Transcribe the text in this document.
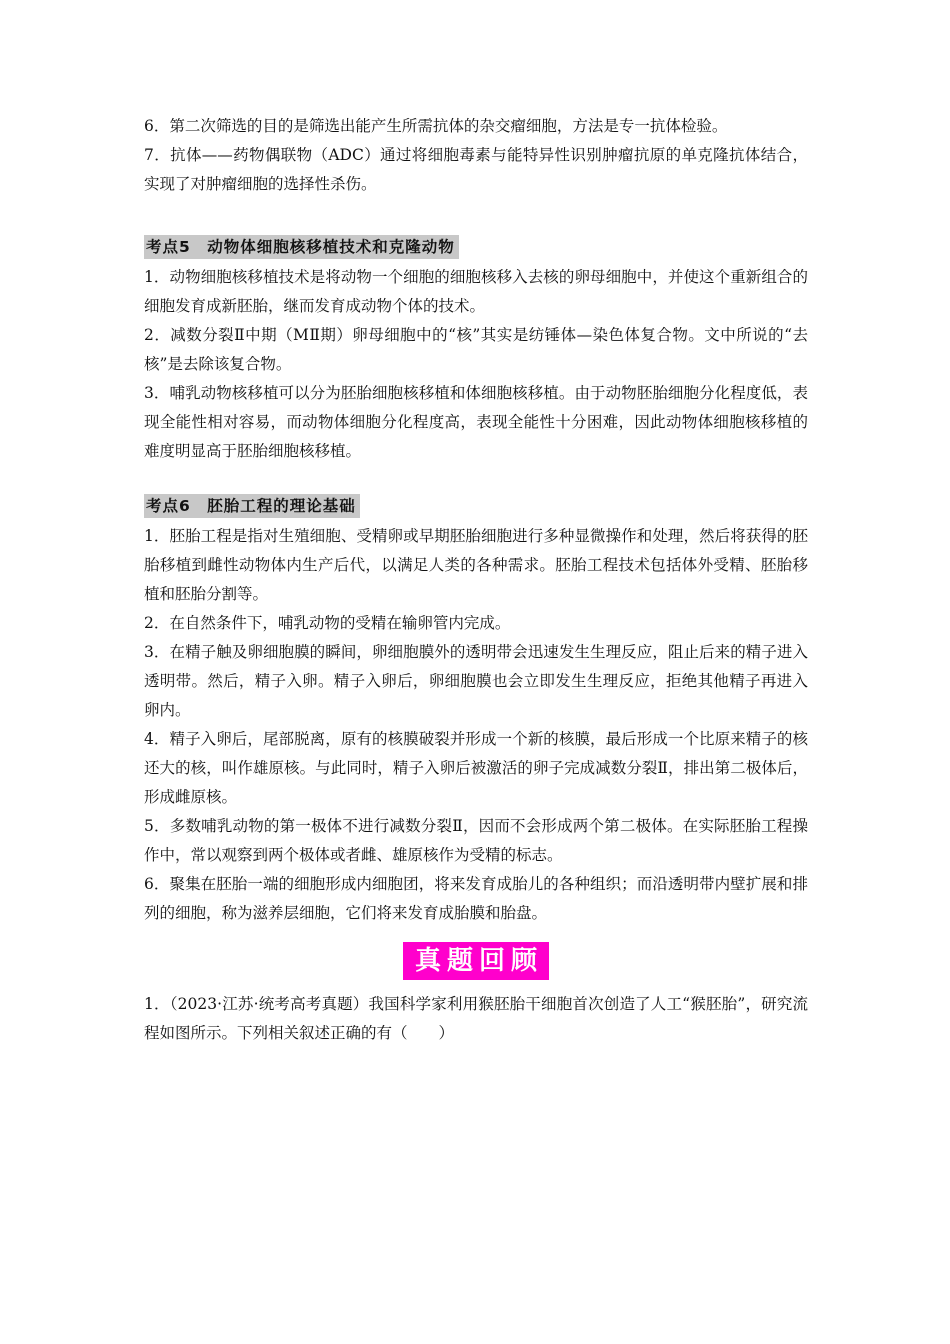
6．第二次筛选的目的是筛选出能产生所需抗体的杂交瘤细胞，方法是专一抗体检验。

7．抗体——药物偶联物（ADC）通过将细胞毒素与能特异性识别肿瘤抗原的单克隆抗体结合，实现了对肿瘤细胞的选择性杀伤。

考点5　动物体细胞核移植技术和克隆动物

1．动物细胞核移植技术是将动物一个细胞的细胞核移入去核的卵母细胞中，并使这个重新组合的细胞发育成新胚胎，继而发育成动物个体的技术。

2．减数分裂Ⅱ中期（MⅡ期）卵母细胞中的“核”其实是纺锤体—染色体复合物。文中所说的“去核”是去除该复合物。

3．哺乳动物核移植可以分为胚胎细胞核移植和体细胞核移植。由于动物胚胎细胞分化程度低，表现全能性相对容易，而动物体细胞分化程度高，表现全能性十分困难，因此动物体细胞核移植的难度明显高于胚胎细胞核移植。

考点6　胚胎工程的理论基础

1．胚胎工程是指对生殖细胞、受精卵或早期胚胎细胞进行多种显微操作和处理，然后将获得的胚胎移植到雌性动物体内生产后代，以满足人类的各种需求。胚胎工程技术包括体外受精、胚胎移植和胚胎分割等。

2．在自然条件下，哺乳动物的受精在输卵管内完成。

3．在精子触及卵细胞膜的瞬间，卵细胞膜外的透明带会迅速发生生理反应，阻止后来的精子进入透明带。然后，精子入卵。精子入卵后，卵细胞膜也会立即发生生理反应，拒绝其他精子再进入卵内。

4．精子入卵后，尾部脱离，原有的核膜破裂并形成一个新的核膜，最后形成一个比原来精子的核还大的核，叫作雄原核。与此同时，精子入卵后被激活的卵子完成减数分裂Ⅱ，排出第二极体后，形成雌原核。

5．多数哺乳动物的第一极体不进行减数分裂Ⅱ，因而不会形成两个第二极体。在实际胚胎工程操作中，常以观察到两个极体或者雌、雄原核作为受精的标志。

6．聚集在胚胎一端的细胞形成内细胞团，将来发育成胎儿的各种组织；而沿透明带内壁扩展和排列的细胞，称为滋养层细胞，它们将来发育成胎膜和胎盘。

真题回顾

1．（2023·江苏·统考高考真题）我国科学家利用猴胚胎干细胞首次创造了人工“猴胚胎”，研究流程如图所示。下列相关叙述正确的有（　　）
